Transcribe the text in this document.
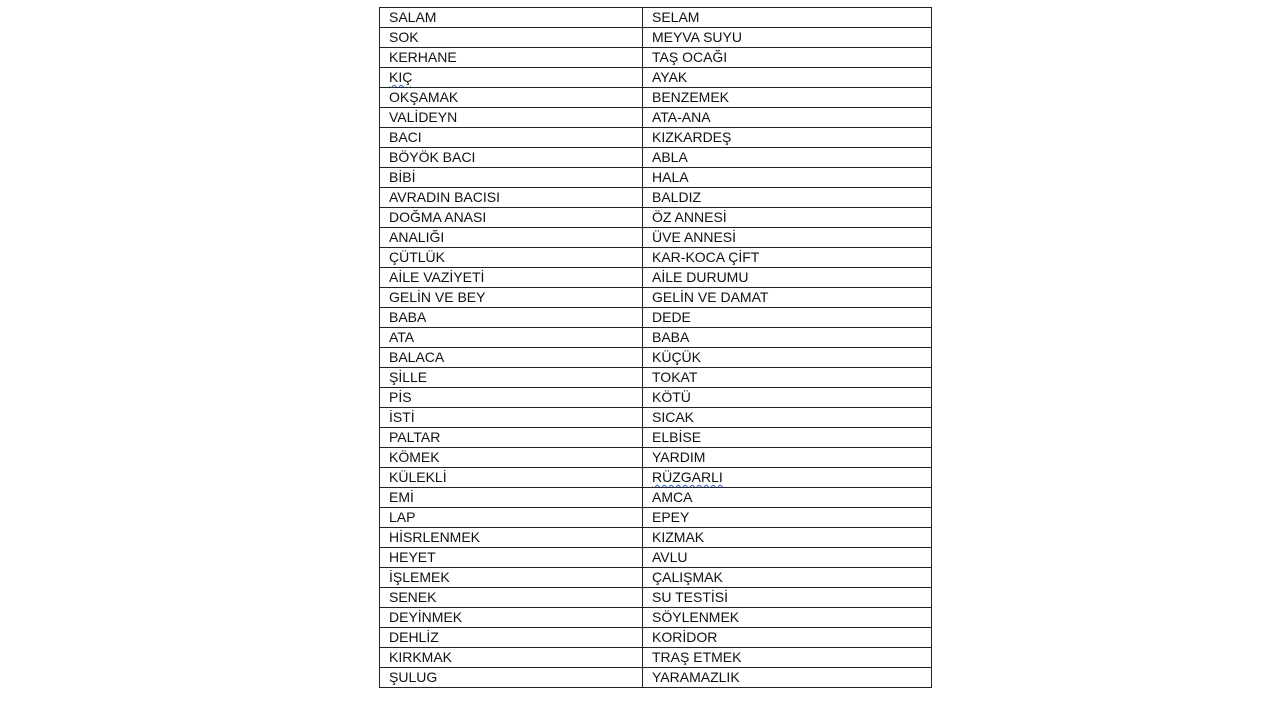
SALAM	SELAM
SOK	MEYVA SUYU
KERHANE	TAŞ OCAĞI
KIÇ	AYAK
OKŞAMAK	BENZEMEK
VALİDEYN	ATA-ANA
BACI	KIZKARDEŞ
BÖYÖK BACI	ABLA
BİBİ	HALA
AVRADIN BACISI	BALDIZ
DOĞMA ANASI	ÖZ ANNESİ
ANALIĞI	ÜVE ANNESİ
ÇÜTLÜK	KAR-KOCA ÇİFT
AİLE VAZİYETİ	AİLE DURUMU
GELİN VE BEY	GELİN VE DAMAT
BABA	DEDE
ATA	BABA
BALACA	KÜÇÜK
ŞİLLE	TOKAT
PİS	KÖTÜ
İSTİ	SICAK
PALTAR	ELBİSE
KÖMEK	YARDIM
KÜLEKLİ	RÜZGARLI
EMİ	AMCA
LAP	EPEY
HİSRLENMEK	KIZMAK
HEYET	AVLU
İŞLEMEK	ÇALIŞMAK
SENEK	SU TESTİSİ
DEYİNMEK	SÖYLENMEK
DEHLİZ	KORİDOR
KIRKMAK	TRAŞ ETMEK
ŞULUG	YARAMAZLIK
